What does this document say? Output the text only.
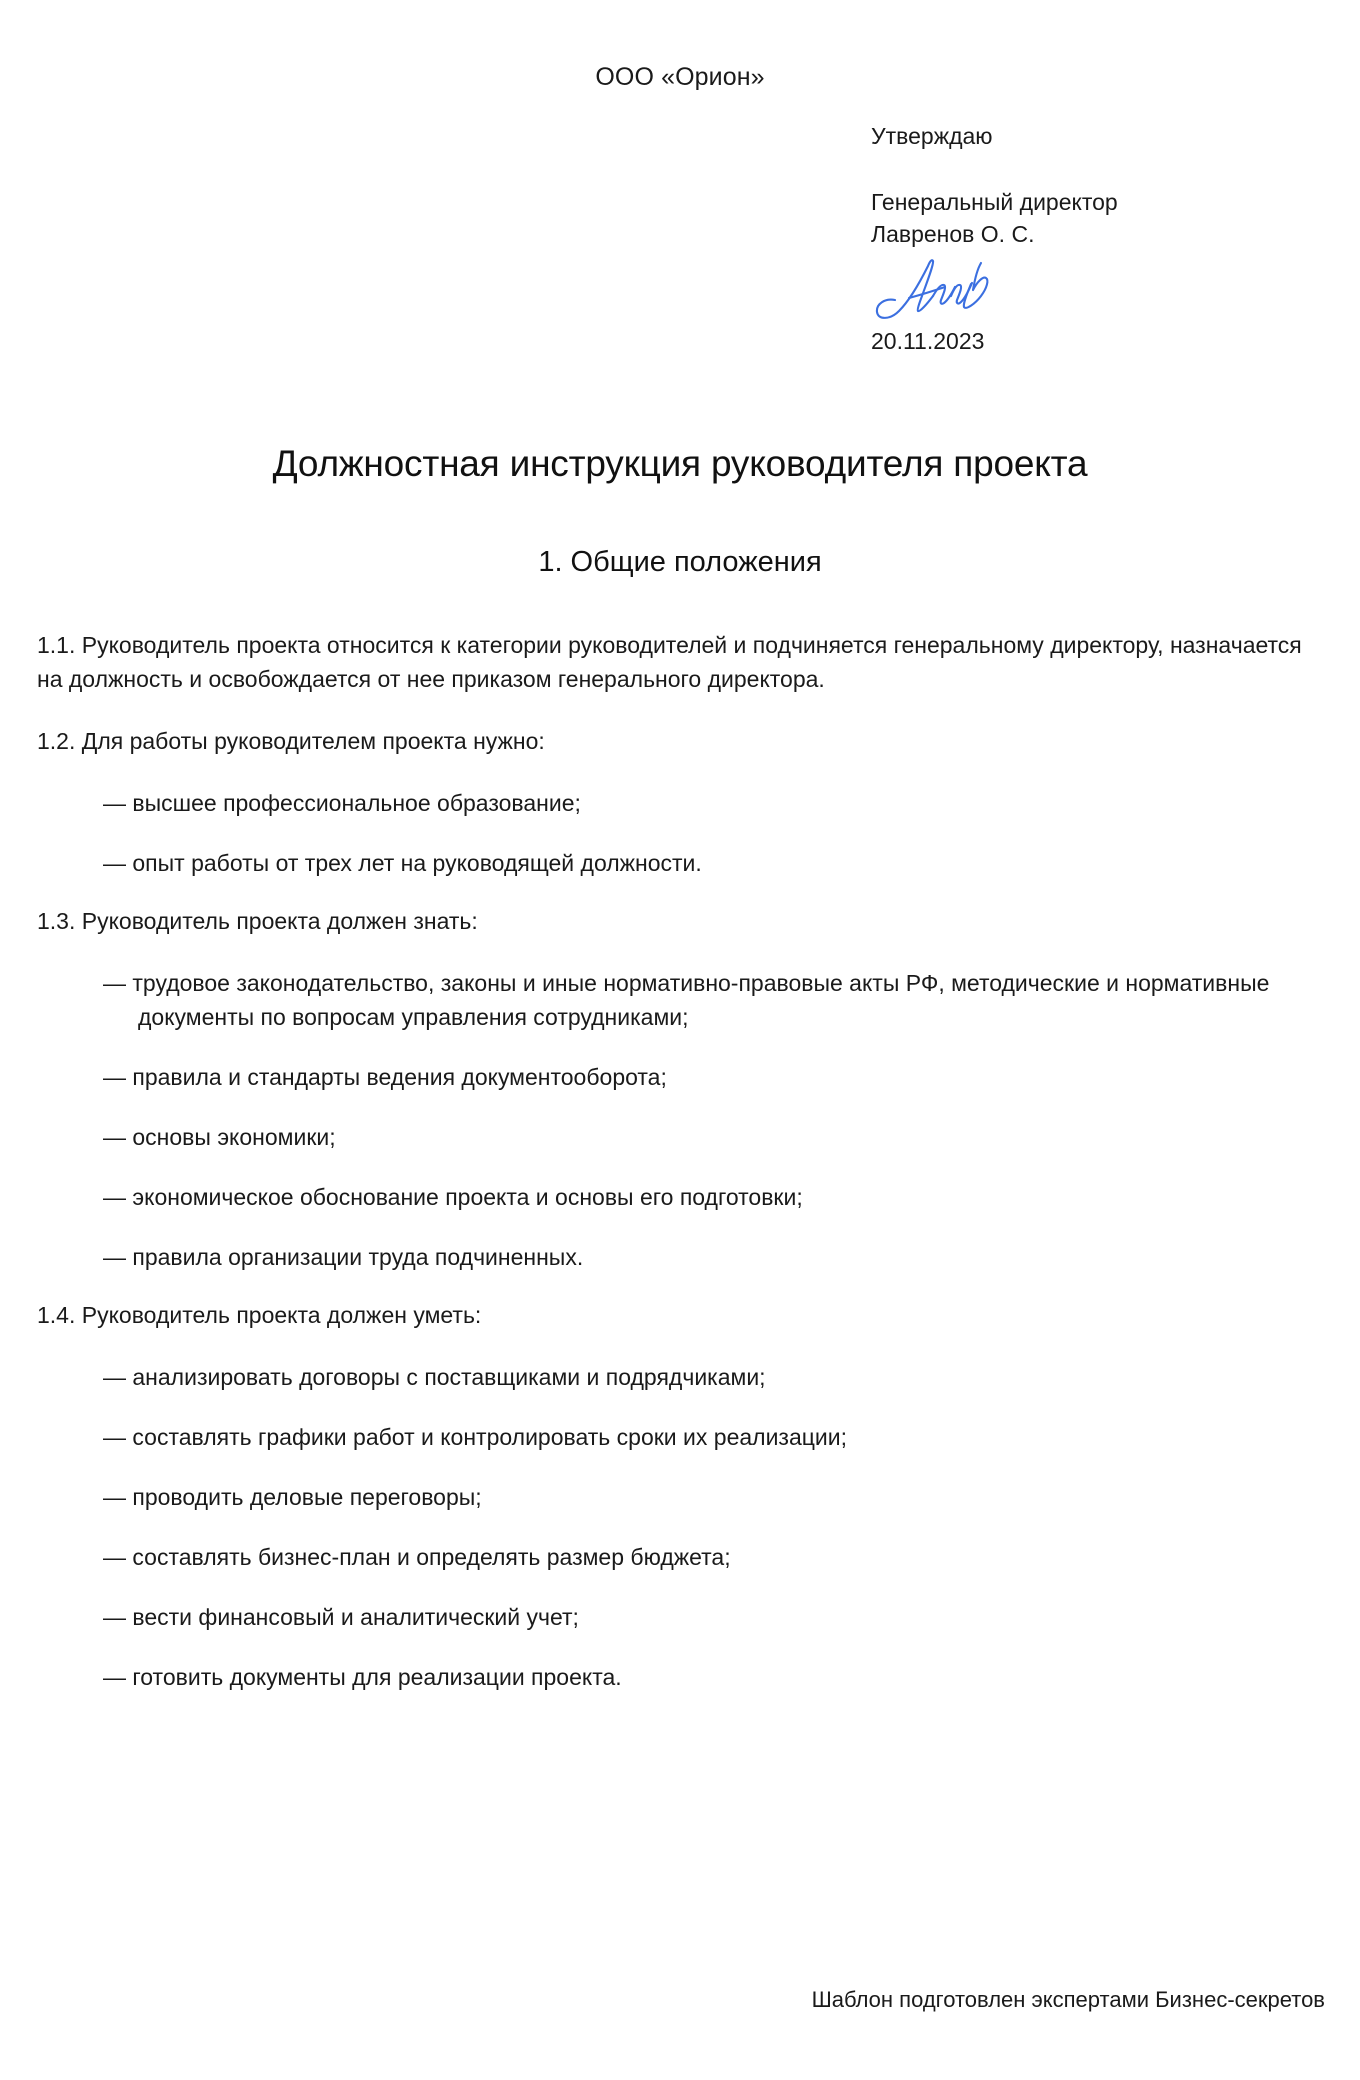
ООО «Орион»

Утверждаю

Генеральный директор

Лавренов О. С.

20.11.2023

Должностная инструкция руководителя проекта
1. Общие положения

1.1. Руководитель проекта относится к категории руководителей и подчиняется генеральному директору, назначается на должность и освобождается от нее приказом генерального директора.

1.2. Для работы руководителем проекта нужно:

— высшее профессиональное образование;
— опыт работы от трех лет на руководящей должности.

1.3. Руководитель проекта должен знать:

— трудовое законодательство, законы и иные нормативно-правовые акты РФ, методические и нормативные документы по вопросам управления сотрудниками;
— правила и стандарты ведения документооборота;
— основы экономики;
— экономическое обоснование проекта и основы его подготовки;
— правила организации труда подчиненных.

1.4. Руководитель проекта должен уметь:

— анализировать договоры с поставщиками и подрядчиками;
— составлять графики работ и контролировать сроки их реализации;
— проводить деловые переговоры;
— составлять бизнес-план и определять размер бюджета;
— вести финансовый и аналитический учет;
— готовить документы для реализации проекта.
Шаблон подготовлен экспертами Бизнес-секретов
